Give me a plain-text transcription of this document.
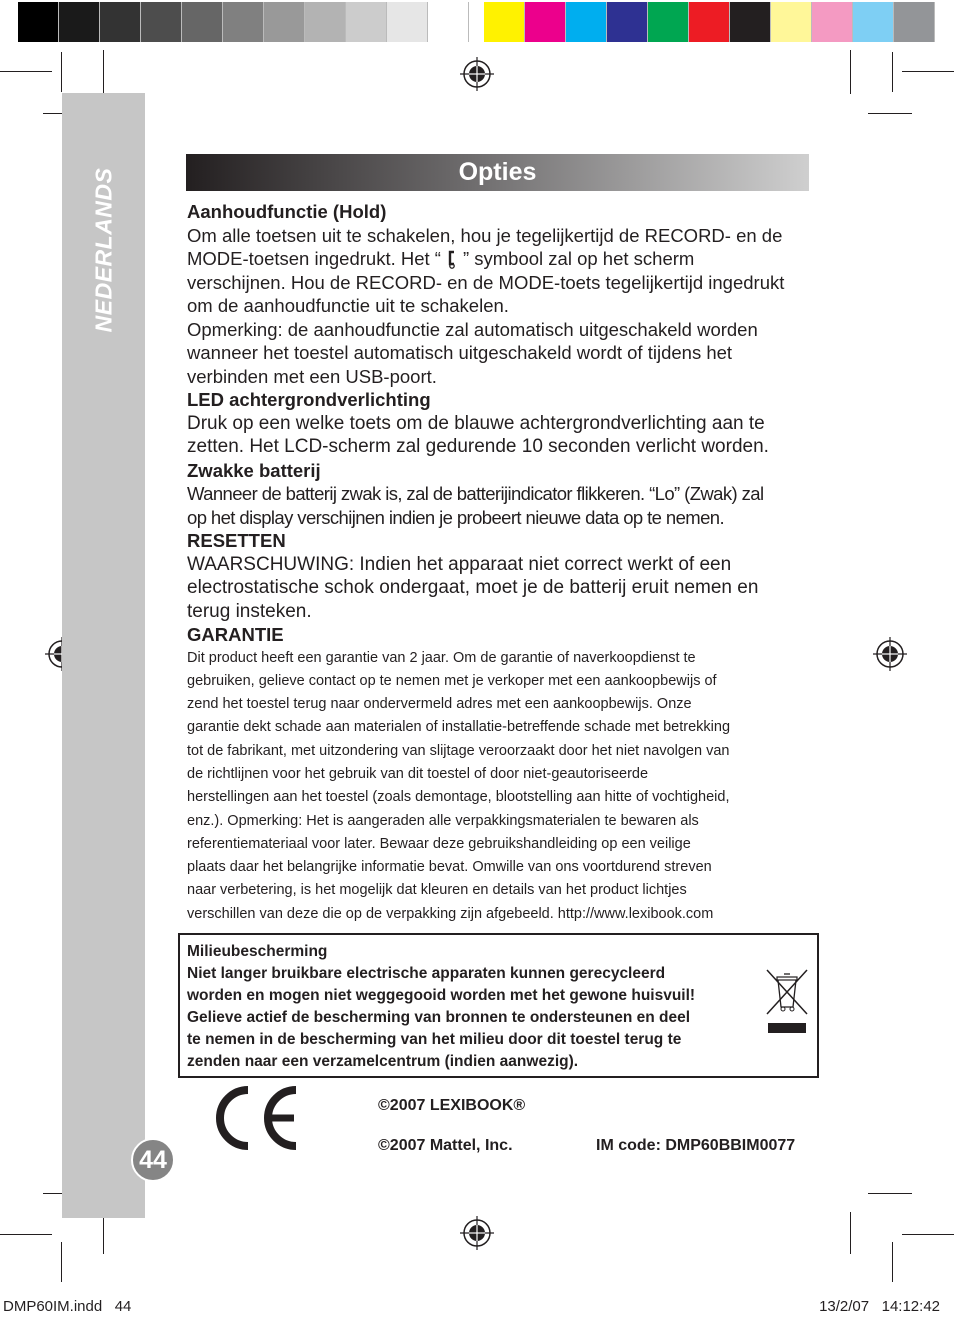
NEDERLANDS
44
Opties
Aanhoudfunctie (Hold)
Om alle toetsen uit te schakelen, hou je tegelijkertijd de RECORD- en de
MODE-toetsen ingedrukt. Het “ ” symbool zal op het scherm
verschijnen. Hou de RECORD- en de MODE-toets tegelijkertijd ingedrukt
om de aanhoudfunctie uit te schakelen.
Opmerking: de aanhoudfunctie zal automatisch uitgeschakeld worden
wanneer het toestel automatisch uitgeschakeld wordt of tijdens het
verbinden met een USB-poort.
LED achtergrondverlichting
Druk op een welke toets om de blauwe achtergrondverlichting aan te
zetten. Het LCD-scherm zal gedurende 10 seconden verlicht worden.
Zwakke batterij
Wanneer de batterij zwak is, zal de batterijindicator flikkeren. “Lo” (Zwak) zal
op het display verschijnen indien je probeert nieuwe data op te nemen.
RESETTEN
WAARSCHUWING: Indien het apparaat niet correct werkt of een
electrostatische schok ondergaat, moet je de batterij eruit nemen en
terug insteken.
GARANTIE
Dit product heeft een garantie van 2 jaar. Om de garantie of naverkoopdienst te
gebruiken, gelieve contact op te nemen met je verkoper met een aankoopbewijs of
zend het toestel terug naar ondervermeld adres met een aankoopbewijs. Onze
garantie dekt schade aan materialen of installatie-betreffende schade met betrekking
tot de fabrikant, met uitzondering van slijtage veroorzaakt door het niet navolgen van
de richtlijnen voor het gebruik van dit toestel of door niet-geautoriseerde
herstellingen aan het toestel (zoals demontage, blootstelling aan hitte of vochtigheid,
enz.). Opmerking: Het is aangeraden alle verpakkingsmaterialen te bewaren als
referentiemateriaal voor later. Bewaar deze gebruikshandleiding op een veilige
plaats daar het belangrijke informatie bevat. Omwille van ons voortdurend streven
naar verbetering, is het mogelijk dat kleuren en details van het product lichtjes
verschillen van deze die op de verpakking zijn afgebeeld. http://www.lexibook.com
Milieubescherming
Niet langer bruikbare electrische apparaten kunnen gerecycleerd
worden en mogen niet weggegooid worden met het gewone huisvuil!
Gelieve actief de bescherming van bronnen te ondersteunen en deel
te nemen in de bescherming van het milieu door dit toestel terug te
zenden naar een verzamelcentrum (indien aanwezig).
©2007 LEXIBOOK®
©2007 Mattel, Inc.	IM code: DMP60BBIM0077
DMP60IM.indd   44	13/2/07   14:12:42
